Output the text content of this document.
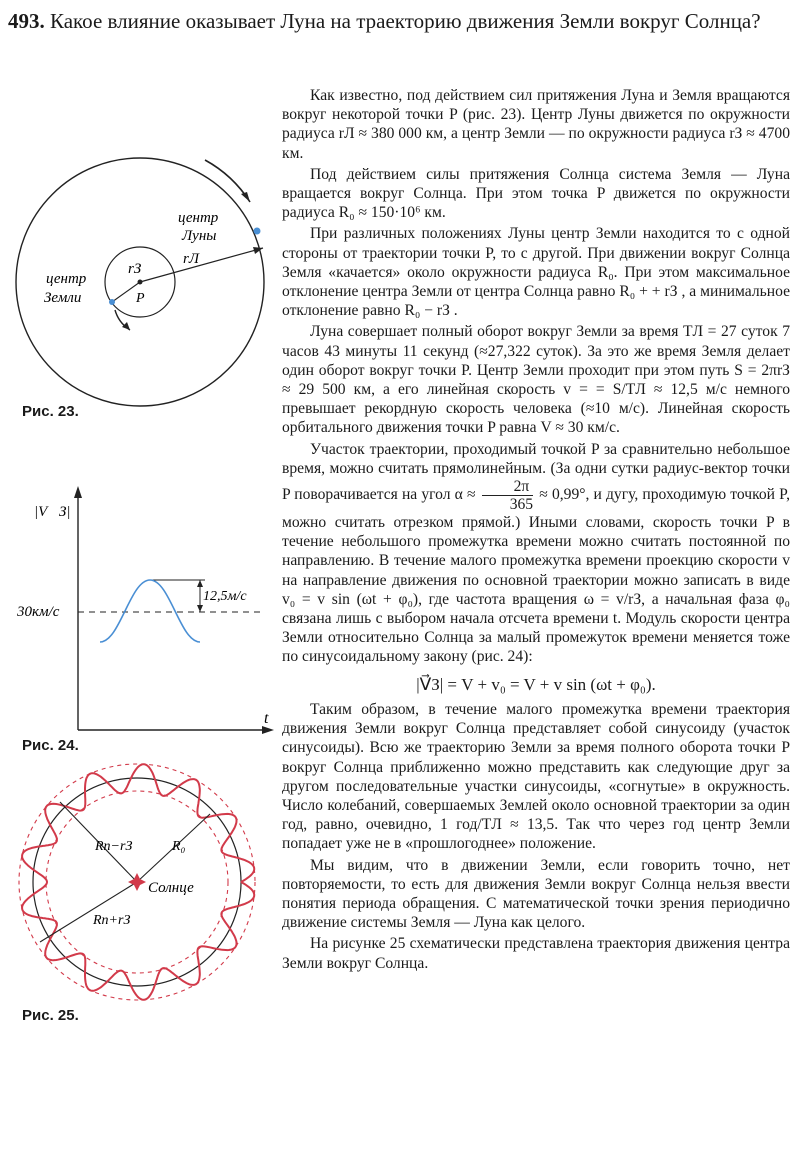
493. Какое влияние оказывает Луна на траекторию движения Земли вокруг Солнца?

Как известно, под действием сил притяжения Луна и Земля вращаются вокруг некоторой точки P (рис. 23). Центр Луны движется по окружности радиуса rЛ ≈ 380 000 км, а центр Земли — по окружности радиуса rЗ ≈ 4700 км.

Под действием силы притяжения Солнца система Земля — Луна вращается вокруг Солнца. При этом точка P движется по окружности радиуса R₀ ≈ 150·10⁶ км.

При различных положениях Луны центр Земли находится то с одной стороны от траектории точки P, то с другой. При движении вокруг Солнца Земля «качается» около окружности радиуса R₀. При этом максимальное отклонение центра Земли от центра Солнца равно R₀ + + rЗ , а минимальное отклонение равно R₀ − rЗ .

Луна совершает полный оборот вокруг Земли за время TЛ = 27 суток 7 часов 43 минуты 11 секунд (≈27,322 суток). За это же время Земля делает один оборот вокруг точки P. Центр Земли проходит при этом путь S = 2πrЗ ≈ 29 500 км, а его линейная скорость v = = S/TЛ ≈ 12,5 м/с немного превышает рекордную скорость человека (≈10 м/с). Линейная скорость орбитального движения точки P равна V ≈ 30 км/с.

Участок траектории, проходимый точкой P за сравнительно небольшое время, можно считать прямолинейным. (За одни сутки радиус-вектор точки P поворачивается на угол $\alpha \approx \frac{2\pi}{365} \approx 0,99^\circ$, и дугу, проходимую точкой P, можно считать отрезком прямой.) Иными словами, скорость точки P в течение небольшого промежутка времени можно считать постоянной по направлению. В течение малого промежутка времени проекцию скорости v на направление движения по основной траектории можно записать в виде v₀ = v sin (ωt + φ₀), где частота вращения ω = v/rЗ, а начальная фаза φ₀ связана лишь с выбором начала отсчета времени t. Модуль скорости центра Земли относительно Солнца за малый промежуток времени меняется тоже по синусоидальному закону (рис. 24):

|V⃗З| = V + v₀ = V + v sin (ωt + φ₀).

Таким образом, в течение малого промежутка времени траектория движения Земли вокруг Солнца представляет собой синусоиду (участок синусоиды). Всю же траекторию Земли за время полного оборота точки P вокруг Солнца приближенно можно представить как следующие друг за другом последовательные участки синусоиды, «согнутые» в окружность. Число колебаний, совершаемых Землей около основной траектории за один год, равно, очевидно, 1 год/TЛ ≈ 13,5. Так что через год центр Земли попадает уже не в «прошлогоднее» положение.

Мы видим, что в движении Земли, если говорить точно, нет повторяемости, то есть для движения Земли вокруг Солнца нельзя ввести понятия периода обращения. С математической точки зрения периодично движение системы Земля — Луна как целого.

На рисунке 25 схематически представлена траектория движения центра Земли вокруг Солнца.

центр
Луны
центр
Земли
rЗ
rЛ
P
Рис. 23.
|V⃗З|
t
30км/с
12,5м/с
Рис. 24.
Rп−rЗ	R₀
Солнце
Rп+rЗ
Рис. 25.
